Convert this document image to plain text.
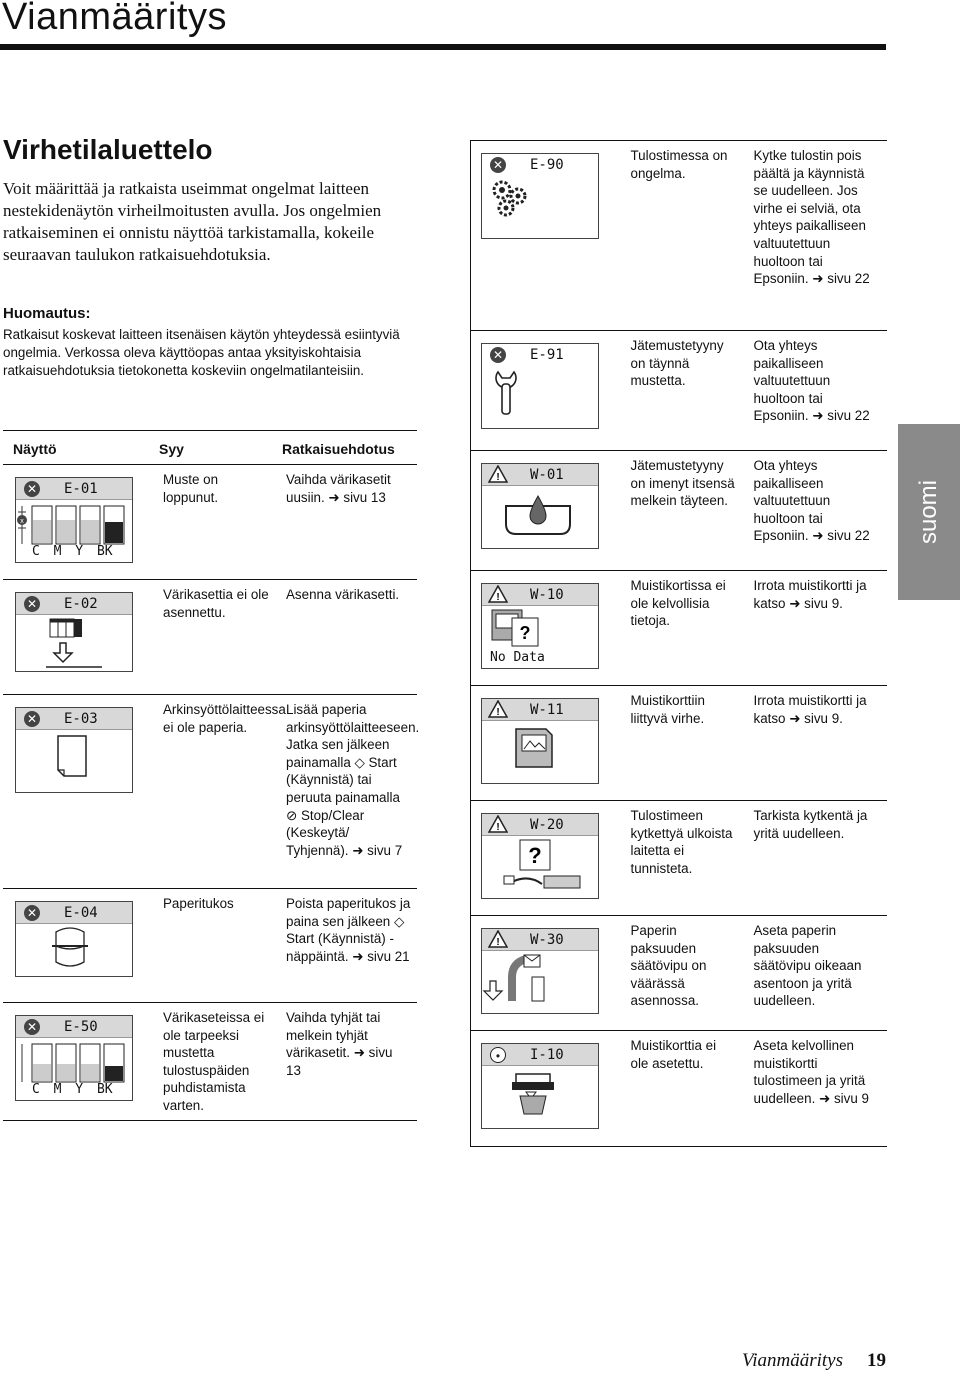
Vianmääritys
Virhetilaluettelo

Voit määrittää ja ratkaista useimmat ongelmat laitteen nestekidenäytön virheilmoitusten avulla. Jos ongelmien ratkaiseminen ei onnistu näyttöä tarkistamalla, kokeile seuraavan taulukon ratkaisuehdotuksia.

Huomautus:

Ratkaisut koskevat laitteen itsenäisen käytön yhteydessä esiintyviä ongelmia. Verkossa oleva käyttöopas antaa yksityiskohtaisia ratkaisuehdotuksia tietokonetta koskeviin ongelmatilanteisiin.

Näyttö	Syy	Ratkaisuehdotus

✕ E-01
x
C M Y BK	Muste on loppunut.	Vaihda värikasetit uusiin. ➜ sivu 13

✕ E-02	Värikasettia ei ole asennettu.	Asenna värikasetti.

✕ E-03	Arkinsyöttölaitteessa ei ole paperia.	Lisää paperia arkinsyöttölaitteeseen. Jatka sen jälkeen painamalla ◇ Start (Käynnistä) tai peruuta painamalla ⊘ Stop/Clear (Keskeytä/ Tyhjennä). ➜ sivu 7

✕ E-04	Paperitukos	Poista paperitukos ja paina sen jälkeen ◇ Start (Käynnistä) -näppäintä. ➜ sivu 21

✕ E-50
C M Y BK	Värikaseteissa ei ole tarpeeksi mustetta tulostuspäiden puhdistamista varten.	Vaihda tyhjät tai melkein tyhjät värikasetit. ➜ sivu 13
✕ E-90	Tulostimessa on ongelma.	Kytke tulostin pois päältä ja käynnistä se uudelleen. Jos virhe ei selviä, ota yhteys paikalliseen valtuutettuun huoltoon tai Epsoniin. ➜ sivu 22

✕ E-91	Jätemustetyyny on täynnä mustetta.	Ota yhteys paikalliseen valtuutettuun huoltoon tai Epsoniin. ➜ sivu 22

! W-01	Jätemustetyyny on imenyt itsensä melkein täyteen.	Ota yhteys paikalliseen valtuutettuun huoltoon tai Epsoniin. ➜ sivu 22

! W-10
?
No Data	Muistikortissa ei ole kelvollisia tietoja.	Irrota muistikortti ja katso ➜ sivu 9.

! W-11	Muistikorttiin liittyvä virhe.	Irrota muistikortti ja katso ➜ sivu 9.

! W-20
?	Tulostimeen kytkettyä ulkoista laitetta ei tunnisteta.	Tarkista kytkentä ja yritä uudelleen.

! W-30	Paperin paksuuden säätövipu on väärässä asennossa.	Aseta paperin paksuuden säätövipu oikeaan asentoon ja yritä uudelleen.

• I-10	Muistikorttia ei ole asetettu.	Aseta kelvollinen muistikortti tulostimeen ja yritä uudelleen. ➜ sivu 9
suomi
Vianmääritys 19
